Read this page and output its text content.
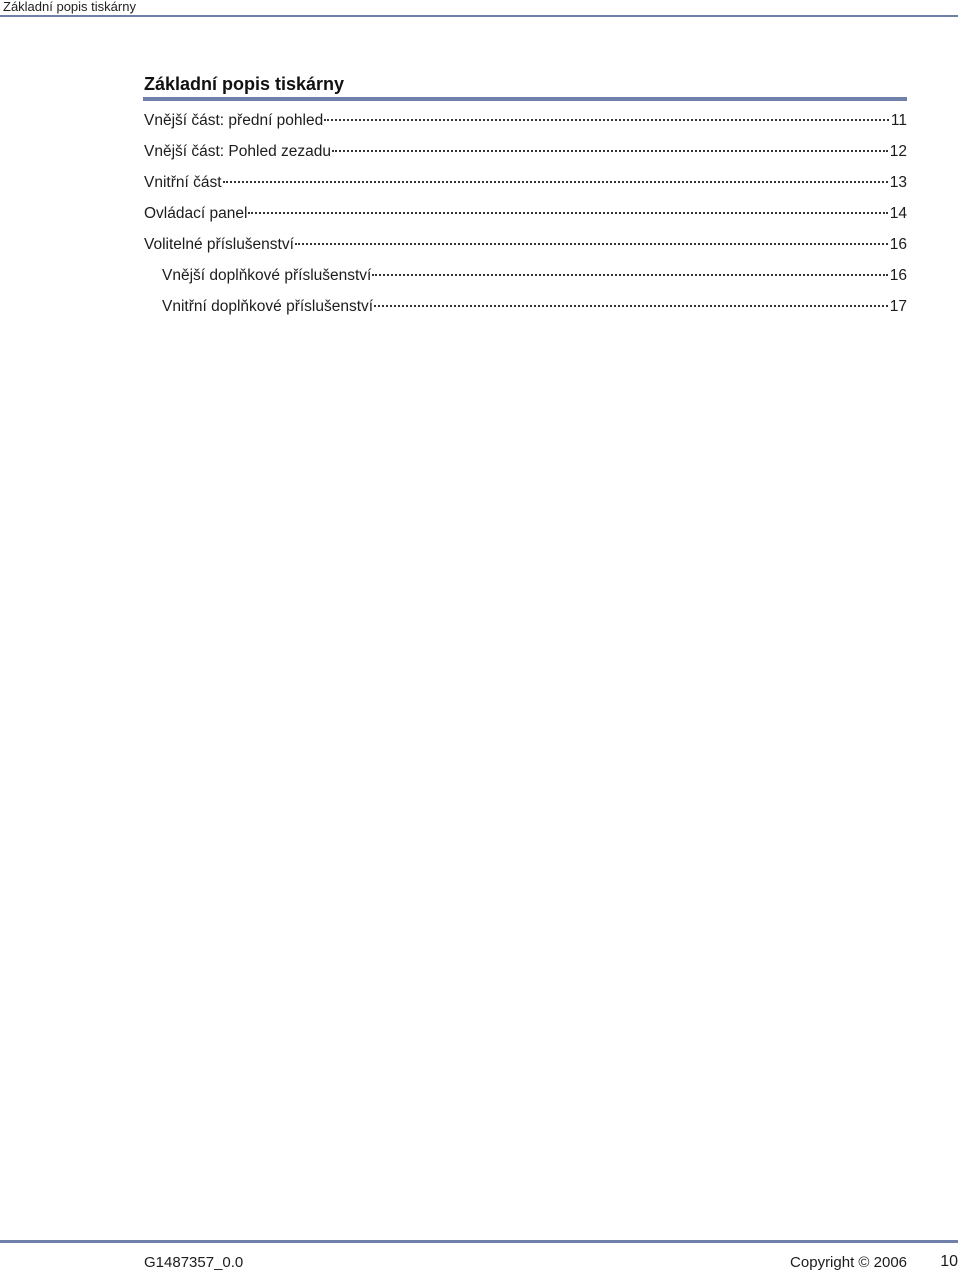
Základní popis tiskárny
Základní popis tiskárny
Vnější část: přední pohled	11
Vnější část: Pohled zezadu	12
Vnitřní část	13
Ovládací panel	14
Volitelné příslušenství	16
Vnější doplňkové příslušenství	16
Vnitřní doplňkové příslušenství	17
G1487357_0.0	Copyright © 2006 10
